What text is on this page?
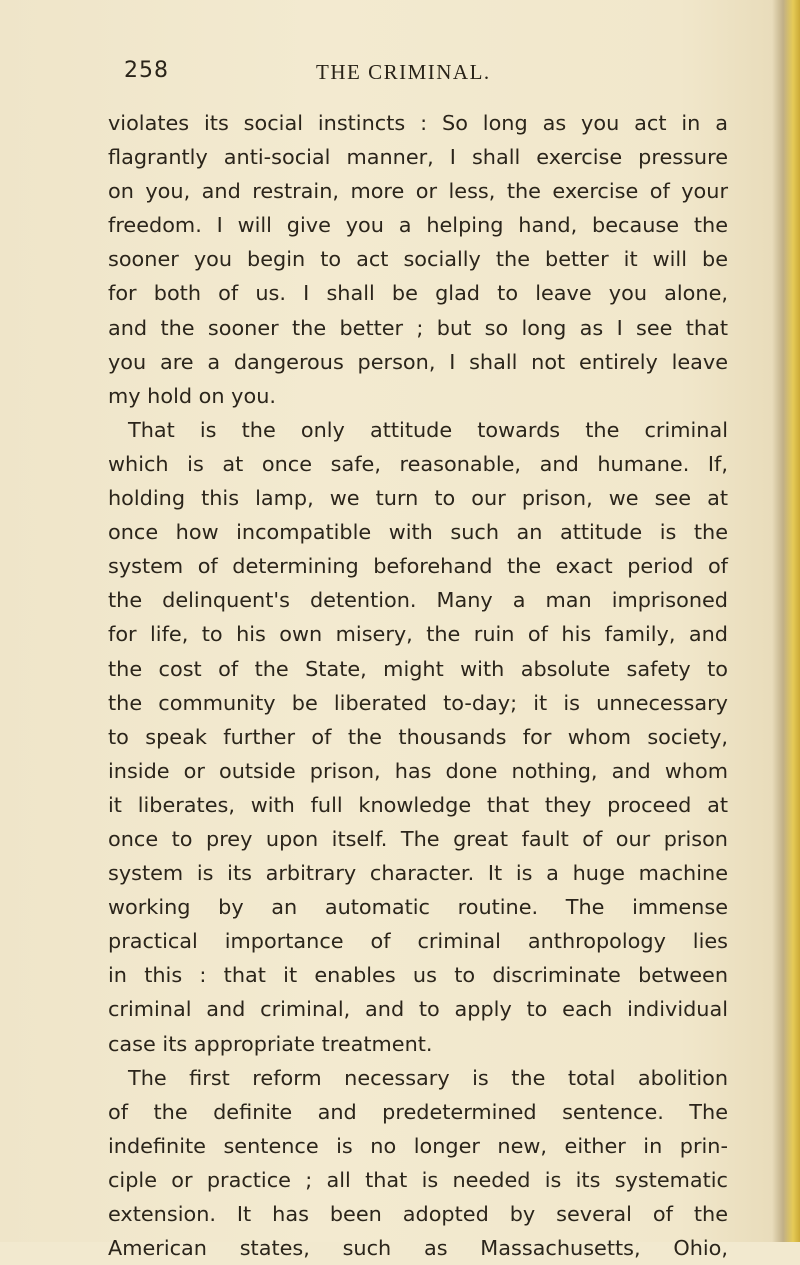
258	THE CRIMINAL.
violates its social instincts : So long as you act in a
flagrantly anti-social manner, I shall exercise pressure
on you, and restrain, more or less, the exercise of your
freedom. I will give you a helping hand, because the
sooner you begin to act socially the better it will be
for both of us. I shall be glad to leave you alone,
and the sooner the better ; but so long as I see that
you are a dangerous person, I shall not entirely leave
my hold on you.
That is the only attitude towards the criminal
which is at once safe, reasonable, and humane. If,
holding this lamp, we turn to our prison, we see at
once how incompatible with such an attitude is the
system of determining beforehand the exact period of
the delinquent's detention. Many a man imprisoned
for life, to his own misery, the ruin of his family, and
the cost of the State, might with absolute safety to
the community be liberated to-day; it is unnecessary
to speak further of the thousands for whom society,
inside or outside prison, has done nothing, and whom
it liberates, with full knowledge that they proceed at
once to prey upon itself. The great fault of our prison
system is its arbitrary character. It is a huge machine
working by an automatic routine. The immense
practical importance of criminal anthropology lies
in this : that it enables us to discriminate between
criminal and criminal, and to apply to each individual
case its appropriate treatment.
The first reform necessary is the total abolition
of the definite and predetermined sentence. The
indefinite sentence is no longer new, either in prin-
ciple or practice ; all that is needed is its systematic
extension. It has been adopted by several of the
American states, such as Massachusetts, Ohio,
